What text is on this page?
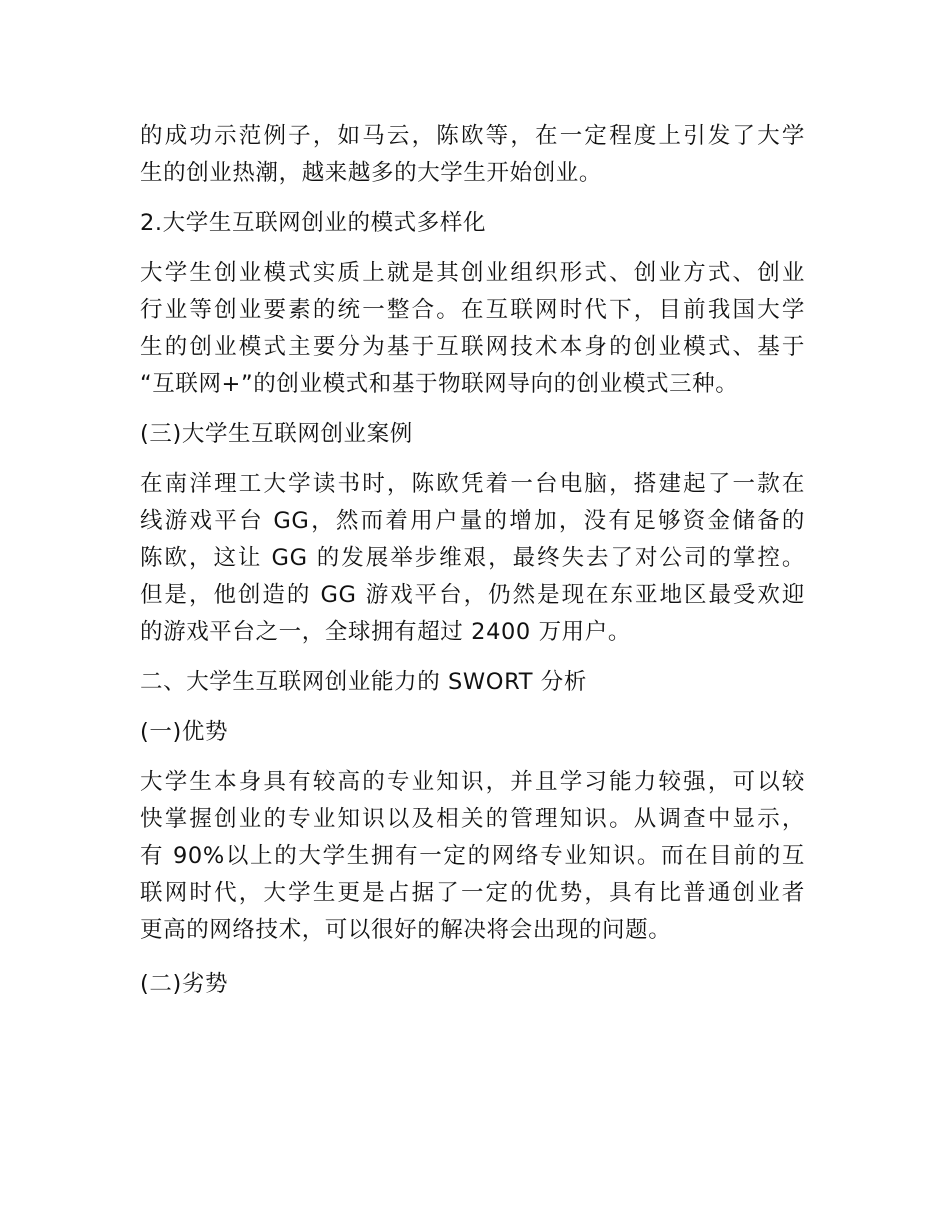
的成功示范例子，如马云，陈欧等，在一定程度上引发了大学
生的创业热潮，越来越多的大学生开始创业。

2.大学生互联网创业的模式多样化

大学生创业模式实质上就是其创业组织形式、创业方式、创业
行业等创业要素的统一整合。在互联网时代下，目前我国大学
生的创业模式主要分为基于互联网技术本身的创业模式、基于
“互联网+”的创业模式和基于物联网导向的创业模式三种。

(三)大学生互联网创业案例

在南洋理工大学读书时，陈欧凭着一台电脑，搭建起了一款在
线游戏平台 GG，然而着用户量的增加，没有足够资金储备的
陈欧，这让 GG 的发展举步维艰，最终失去了对公司的掌控。
但是，他创造的 GG 游戏平台，仍然是现在东亚地区最受欢迎
的游戏平台之一，全球拥有超过 2400 万用户。

二、大学生互联网创业能力的 SWORT 分析

(一)优势

大学生本身具有较高的专业知识，并且学习能力较强，可以较
快掌握创业的专业知识以及相关的管理知识。从调查中显示，
有 90%以上的大学生拥有一定的网络专业知识。而在目前的互
联网时代，大学生更是占据了一定的优势，具有比普通创业者
更高的网络技术，可以很好的解决将会出现的问题。

(二)劣势
